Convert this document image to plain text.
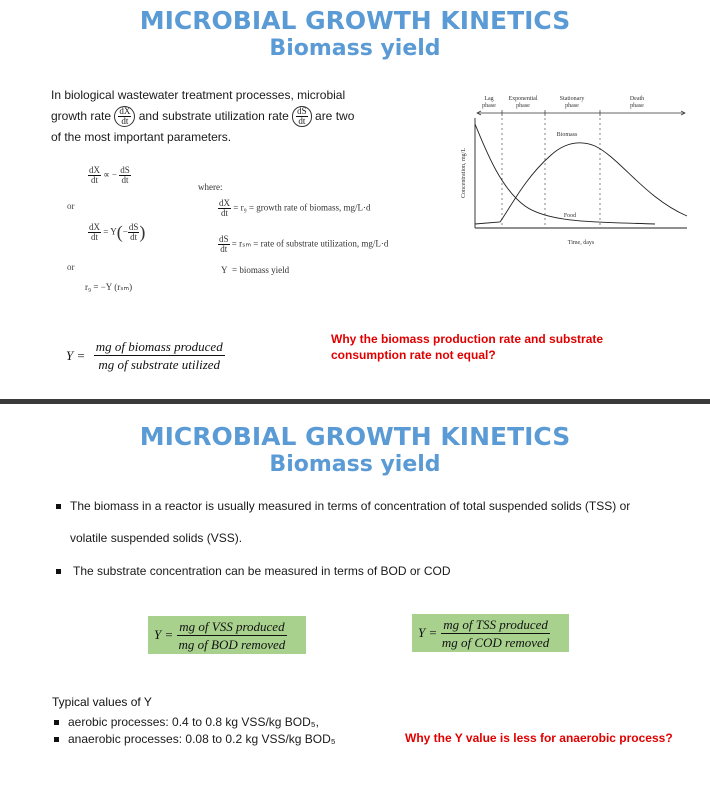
MICROBIAL GROWTH KINETICS
Biomass yield
In biological wastewater treatment processes, microbial growth rate $\frac{dX}{dt}$ and substrate utilization rate $\frac{dS}{dt}$ are two of the most important parameters.
$\frac{dX}{dt}$ ∝ − $\frac{dS}{dt}$
or
$\frac{dX}{dt} = Y(- \frac{dS}{dt}$ )
or
r₉ = −Y (rₛₘ)
where:
$\frac{dX}{dt} = r_9$ = growth rate of biomass, mg/L·d
$\frac{dS}{dt} = r_{sm}$ = rate of substrate utilization, mg/L·d
Y = biomass yield
Y =
mg of biomass produced
mg of substrate utilized
Why the biomass production rate and substrate consumption rate not equal?
Lag
phase
Exponential
phase
Stationary
phase
Death
phase
Concentration, mg/L
Time, days
Biomass
Food
MICROBIAL GROWTH KINETICS
Biomass yield
The biomass in a reactor is usually measured in terms of concentration of total suspended solids (TSS) or
volatile suspended solids (VSS).
The substrate concentration can be measured in terms of BOD or COD
Y =
mg of VSS produced
mg of BOD removed
Y =
mg of TSS produced
mg of COD removed
Typical values of Y
aerobic processes: 0.4 to 0.8 kg VSS/kg BOD₅,
anaerobic processes: 0.08 to 0.2 kg VSS/kg BOD₅	Why the Y value is less for anaerobic process?
